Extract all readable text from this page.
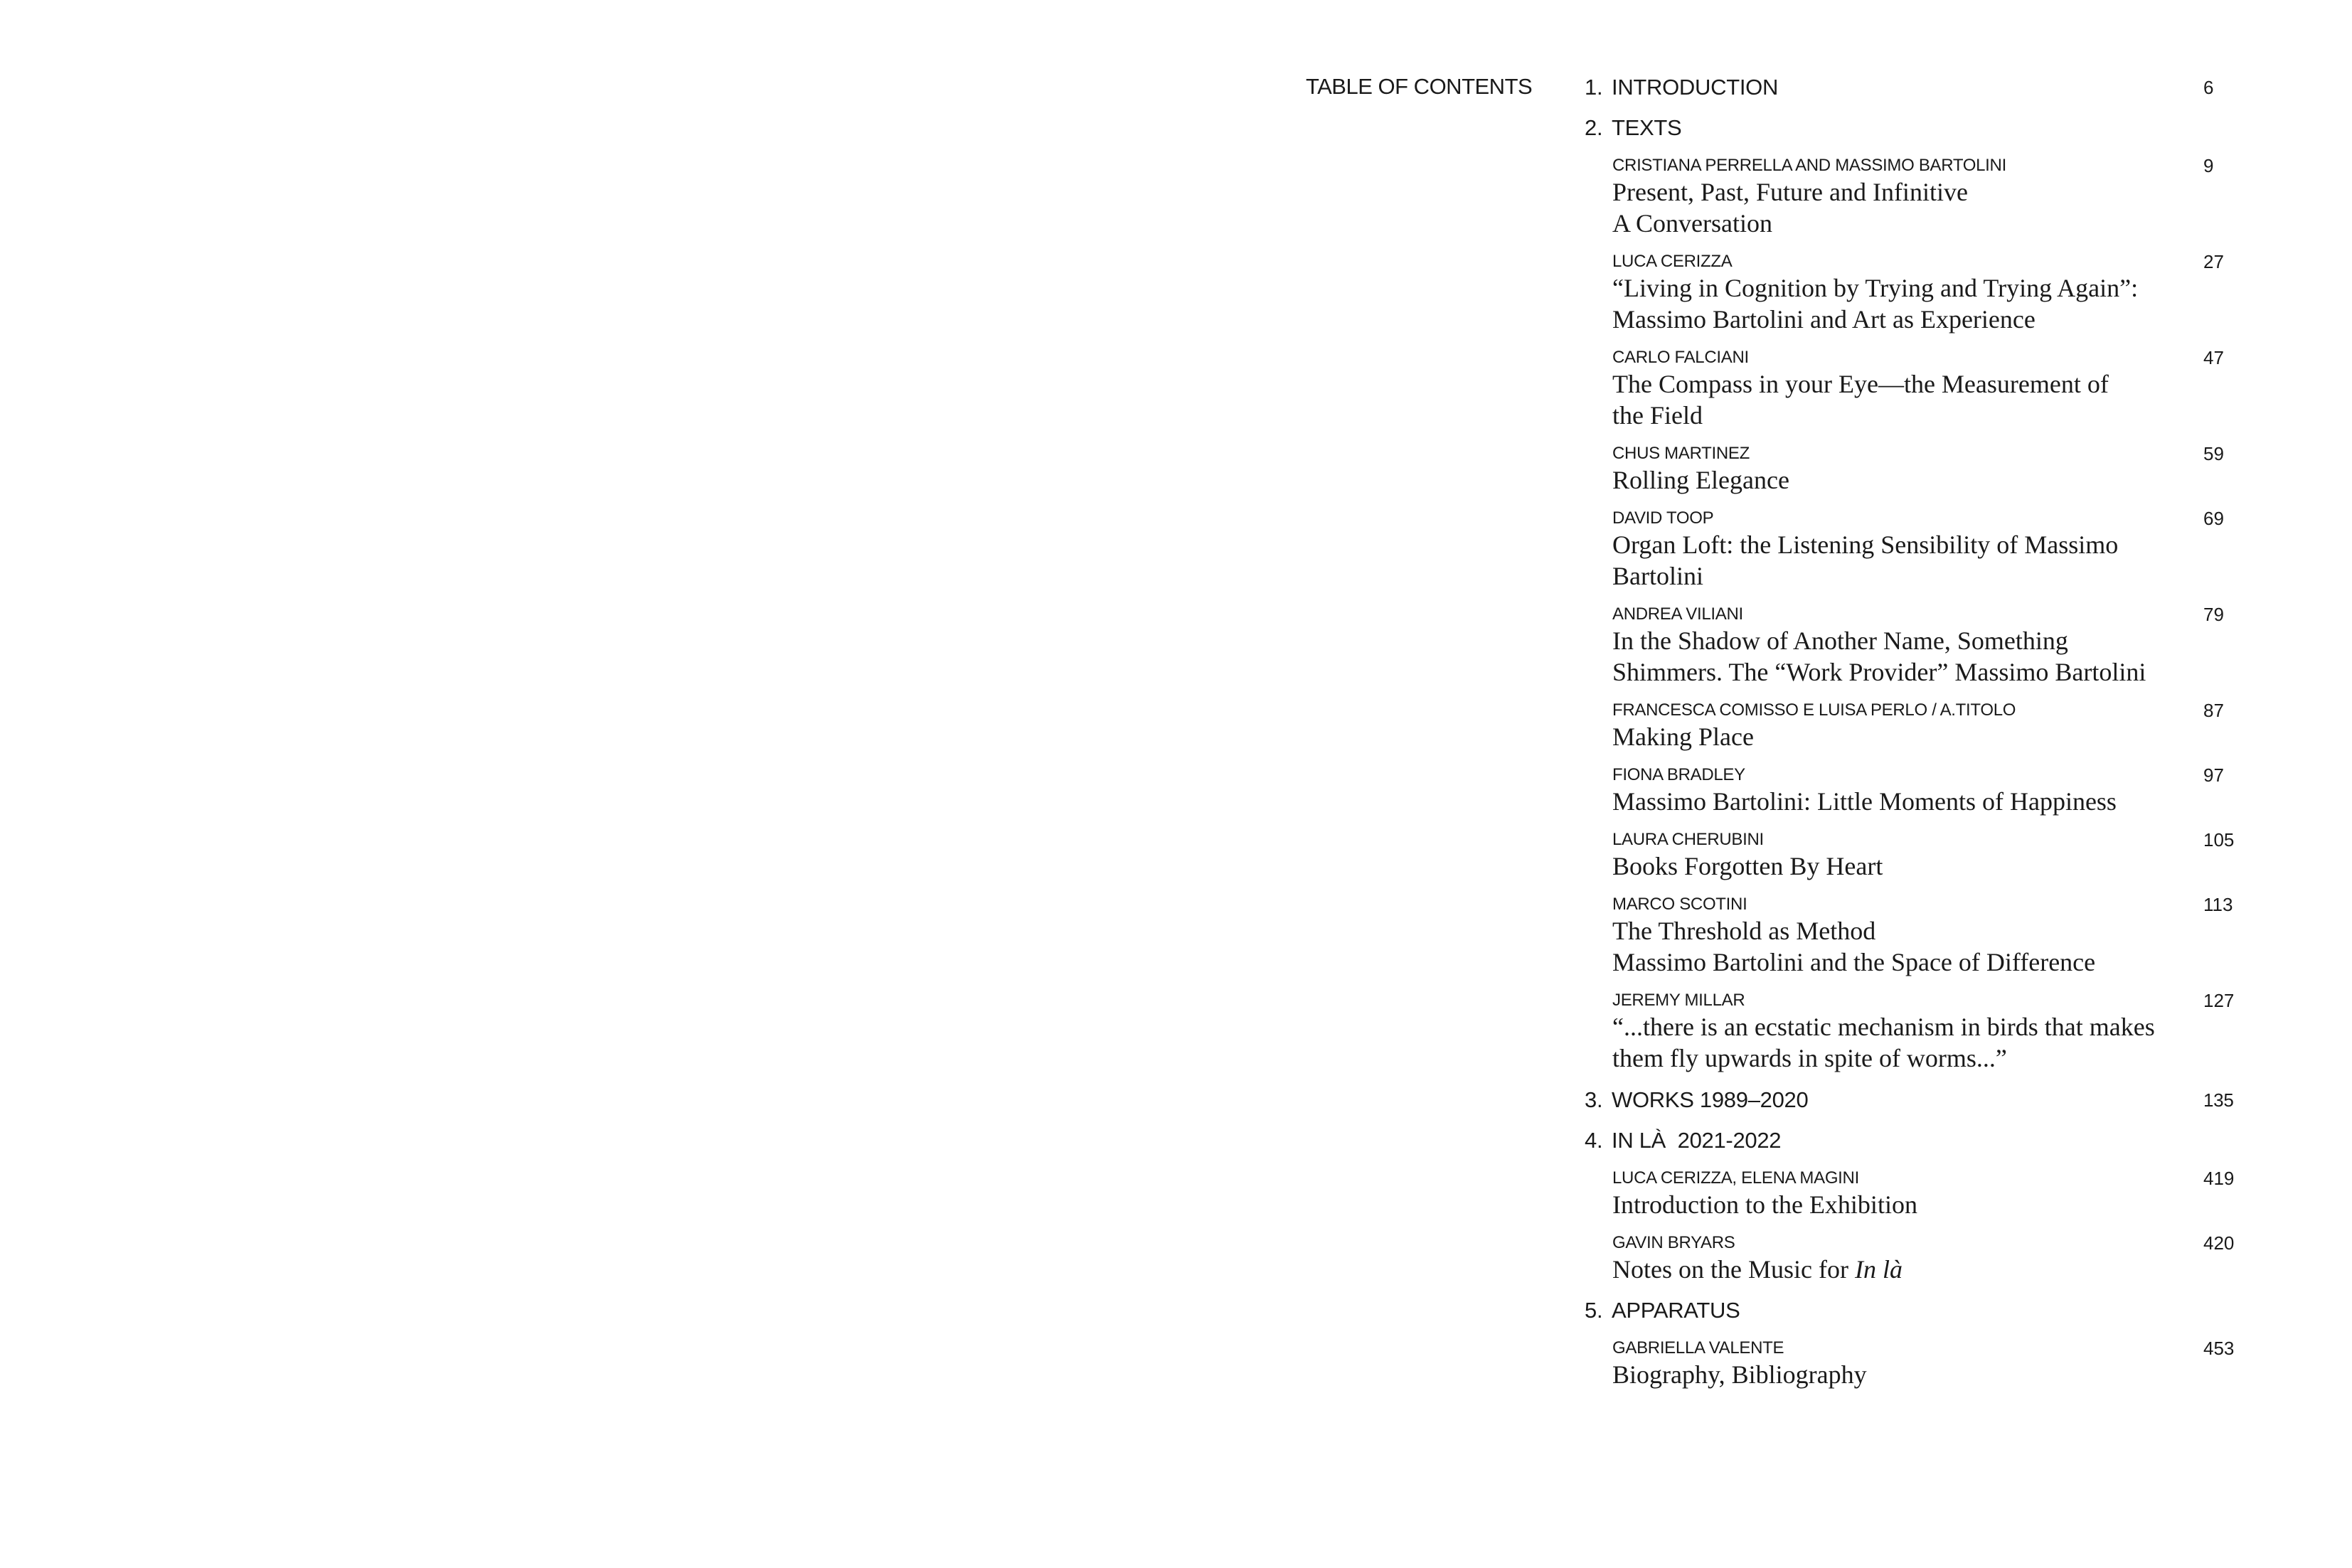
TABLE OF CONTENTS 1. INTRODUCTION	6
2. TEXTS
CRISTIANA PERRELLA AND MASSIMO BARTOLINI
Present, Past, Future and Infinitive
A Conversation
9
LUCA CERIZZA
“Living in Cognition by Trying and Trying Again”:
Massimo Bartolini and Art as Experience
27
CARLO FALCIANI
The Compass in your Eye—the Measurement of
the Field
47
CHUS MARTINEZ
Rolling Elegance
59
DAVID TOOP
Organ Loft: the Listening Sensibility of Massimo
Bartolini
69
ANDREA VILIANI
In the Shadow of Another Name, Something
Shimmers. The “Work Provider” Massimo Bartolini
79
FRANCESCA COMISSO E LUISA PERLO / A.TITOLO
Making Place
87
FIONA BRADLEY
Massimo Bartolini: Little Moments of Happiness
97
LAURA CHERUBINI
Books Forgotten By Heart
105
MARCO SCOTINI
The Threshold as Method
Massimo Bartolini and the Space of Difference
113
JEREMY MILLAR
“...there is an ecstatic mechanism in birds that makes
them fly upwards in spite of worms...”
127
3. WORKS 1989–2020	135
4. IN LÀ  2021-2022
LUCA CERIZZA, ELENA MAGINI
Introduction to the Exhibition
419
GAVIN BRYARS
Notes on the Music for In là
420
5. APPARATUS
GABRIELLA VALENTE
Biography, Bibliography
453
